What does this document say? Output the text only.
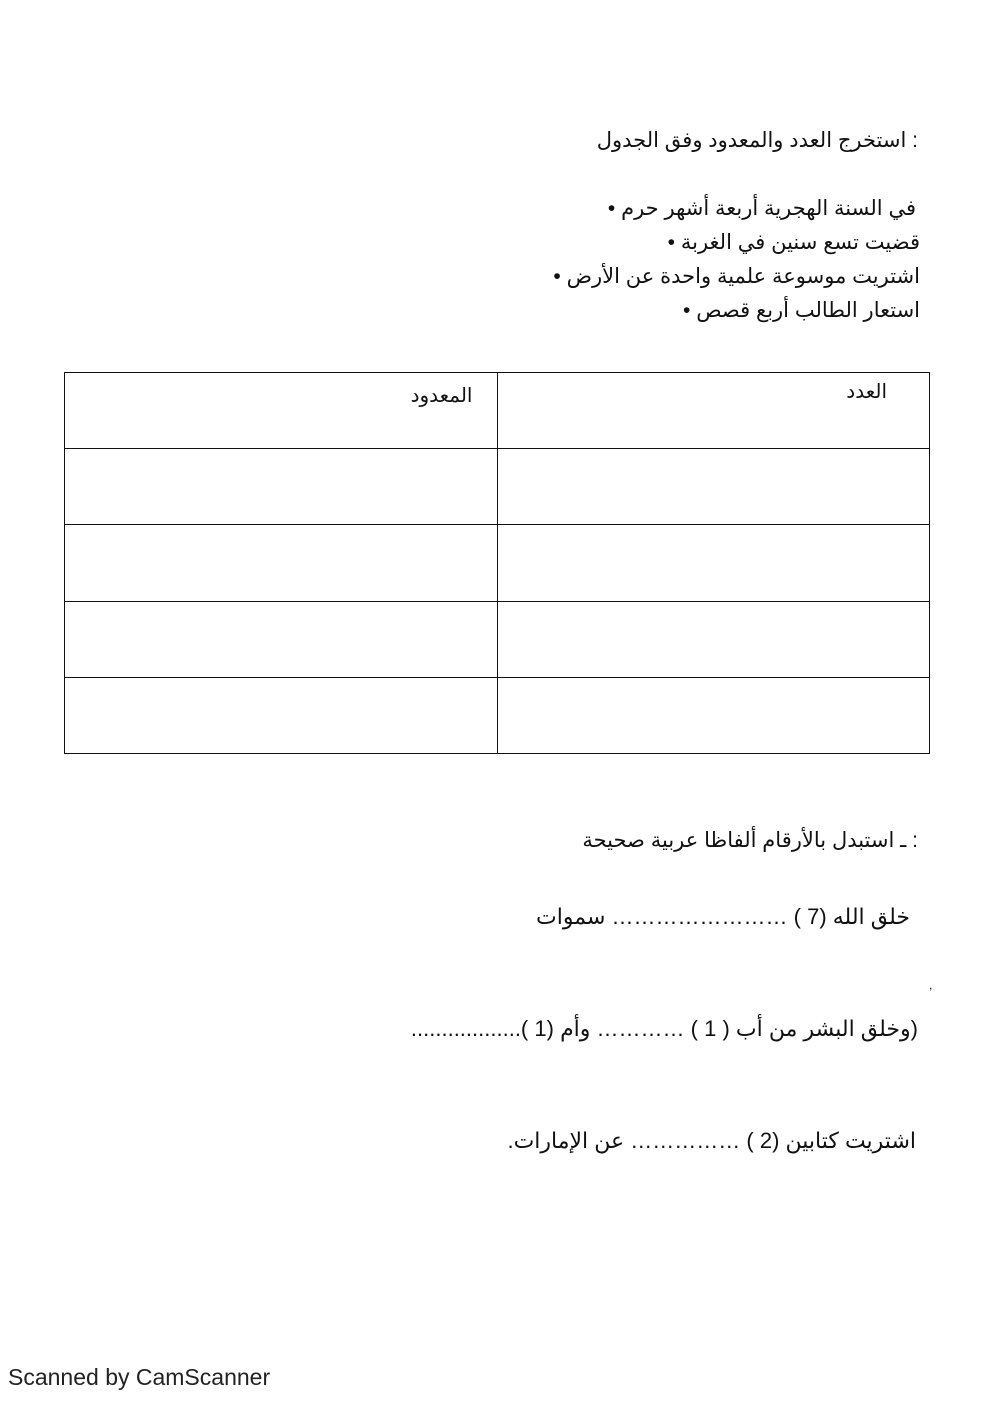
: استخرج العدد والمعدود وفق الجدول
في السنة الهجرية أربعة أشهر حرم •
قضيت تسع سنين في الغربة •
اشتريت موسوعة علمية واحدة عن الأرض •
استعار الطالب أربع قصص •
المعدود	العدد

: ـ استبدل بالأرقام ألفاظا عربية صحيحة
خلق الله (7 ) …………………… سموات
,
(وخلق البشر من أب ( 1 ) ………… وأم (1 )..................
اشتريت كتابين (2 ) …………… عن الإمارات.
Scanned by CamScanner
